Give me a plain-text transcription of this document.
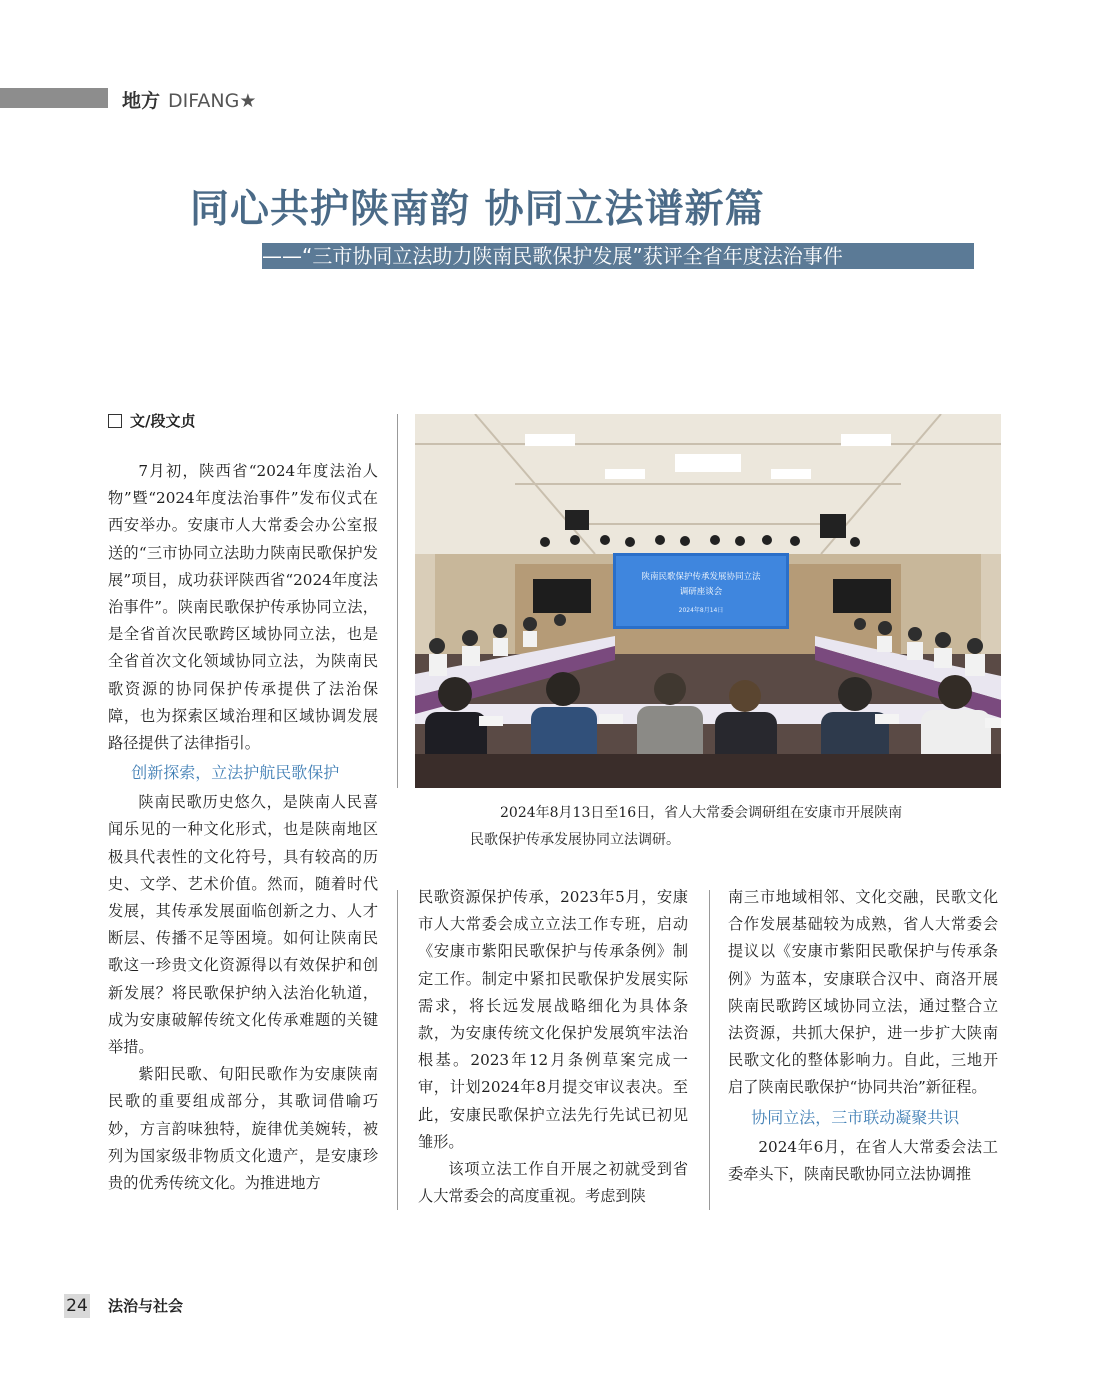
地方 DIFANG★
同心共护陕南韵 协同立法谱新篇
——“三市协同立法助力陕南民歌保护发展”获评全省年度法治事件
文/段文贞

7月初，陕西省“2024年度法治人物”暨“2024年度法治事件”发布仪式在西安举办。安康市人大常委会办公室报送的“三市协同立法助力陕南民歌保护发展”项目，成功获评陕西省“2024年度法治事件”。陕南民歌保护传承协同立法，是全省首次民歌跨区域协同立法，也是全省首次文化领域协同立法，为陕南民歌资源的协同保护传承提供了法治保障，也为探索区域治理和区域协调发展路径提供了法律指引。

创新探索，立法护航民歌保护

陕南民歌历史悠久，是陕南人民喜闻乐见的一种文化形式，也是陕南地区极具代表性的文化符号，具有较高的历史、文学、艺术价值。然而，随着时代发展，其传承发展面临创新之力、人才断层、传播不足等困境。如何让陕南民歌这一珍贵文化资源得以有效保护和创新发展？将民歌保护纳入法治化轨道，成为安康破解传统文化传承难题的关键举措。

紫阳民歌、旬阳民歌作为安康陕南民歌的重要组成部分，其歌词借喻巧妙，方言韵味独特，旋律优美婉转，被列为国家级非物质文化遗产，是安康珍贵的优秀传统文化。为推进地方

陕南民歌保护传承发展协同立法
调研座谈会
2024年8月14日
2024年8月13日至16日，省人大常委会调研组在安康市开展陕南
民歌保护传承发展协同立法调研。

民歌资源保护传承，2023年5月，安康市人大常委会成立立法工作专班，启动《安康市紫阳民歌保护与传承条例》制定工作。制定中紧扣民歌保护发展实际需求，将长远发展战略细化为具体条款，为安康传统文化保护发展筑牢法治根基。2023年12月条例草案完成一审，计划2024年8月提交审议表决。至此，安康民歌保护立法先行先试已初见雏形。

该项立法工作自开展之初就受到省人大常委会的高度重视。考虑到陕

南三市地域相邻、文化交融，民歌文化合作发展基础较为成熟，省人大常委会提议以《安康市紫阳民歌保护与传承条例》为蓝本，安康联合汉中、商洛开展陕南民歌跨区域协同立法，通过整合立法资源，共抓大保护，进一步扩大陕南民歌文化的整体影响力。自此，三地开启了陕南民歌保护“协同共治”新征程。

协同立法，三市联动凝聚共识

2024年6月，在省人大常委会法工委牵头下，陕南民歌协同立法协调推

24 法治与社会
